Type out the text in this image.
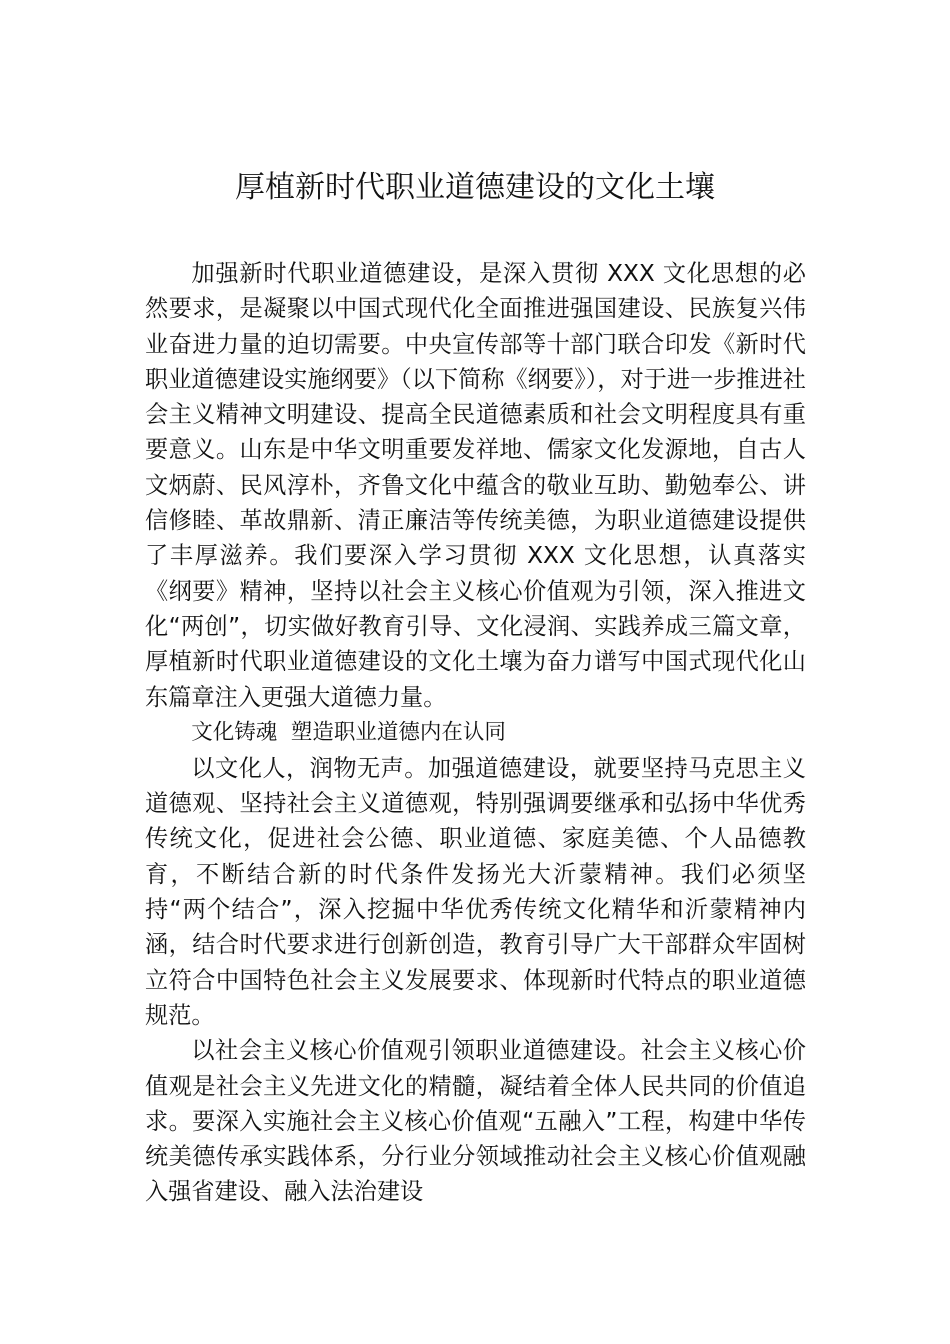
厚植新时代职业道德建设的文化土壤

加强新时代职业道德建设，是深入贯彻 XXX 文化思想的必然要求，是凝聚以中国式现代化全面推进强国建设、民族复兴伟业奋进力量的迫切需要。中央宣传部等十部门联合印发《新时代职业道德建设实施纲要》（以下简称《纲要》），对于进一步推进社会主义精神文明建设、提高全民道德素质和社会文明程度具有重要意义。山东是中华文明重要发祥地、儒家文化发源地，自古人文炳蔚、民风淳朴，齐鲁文化中蕴含的敬业互助、勤勉奉公、讲信修睦、革故鼎新、清正廉洁等传统美德，为职业道德建设提供了丰厚滋养。我们要深入学习贯彻 XXX 文化思想，认真落实《纲要》精神，坚持以社会主义核心价值观为引领，深入推进文化“两创”，切实做好教育引导、文化浸润、实践养成三篇文章，厚植新时代职业道德建设的文化土壤为奋力谱写中国式现代化山东篇章注入更强大道德力量。

文化铸魂  塑造职业道德内在认同

以文化人，润物无声。加强道德建设，就要坚持马克思主义道德观、坚持社会主义道德观，特别强调要继承和弘扬中华优秀传统文化，促进社会公德、职业道德、家庭美德、个人品德教育，不断结合新的时代条件发扬光大沂蒙精神。我们必须坚持“两个结合”，深入挖掘中华优秀传统文化精华和沂蒙精神内涵，结合时代要求进行创新创造，教育引导广大干部群众牢固树立符合中国特色社会主义发展要求、体现新时代特点的职业道德规范。

以社会主义核心价值观引领职业道德建设。社会主义核心价值观是社会主义先进文化的精髓，凝结着全体人民共同的价值追求。要深入实施社会主义核心价值观“五融入”工程，构建中华传统美德传承实践体系，分行业分领域推动社会主义核心价值观融入强省建设、融入法治建设
